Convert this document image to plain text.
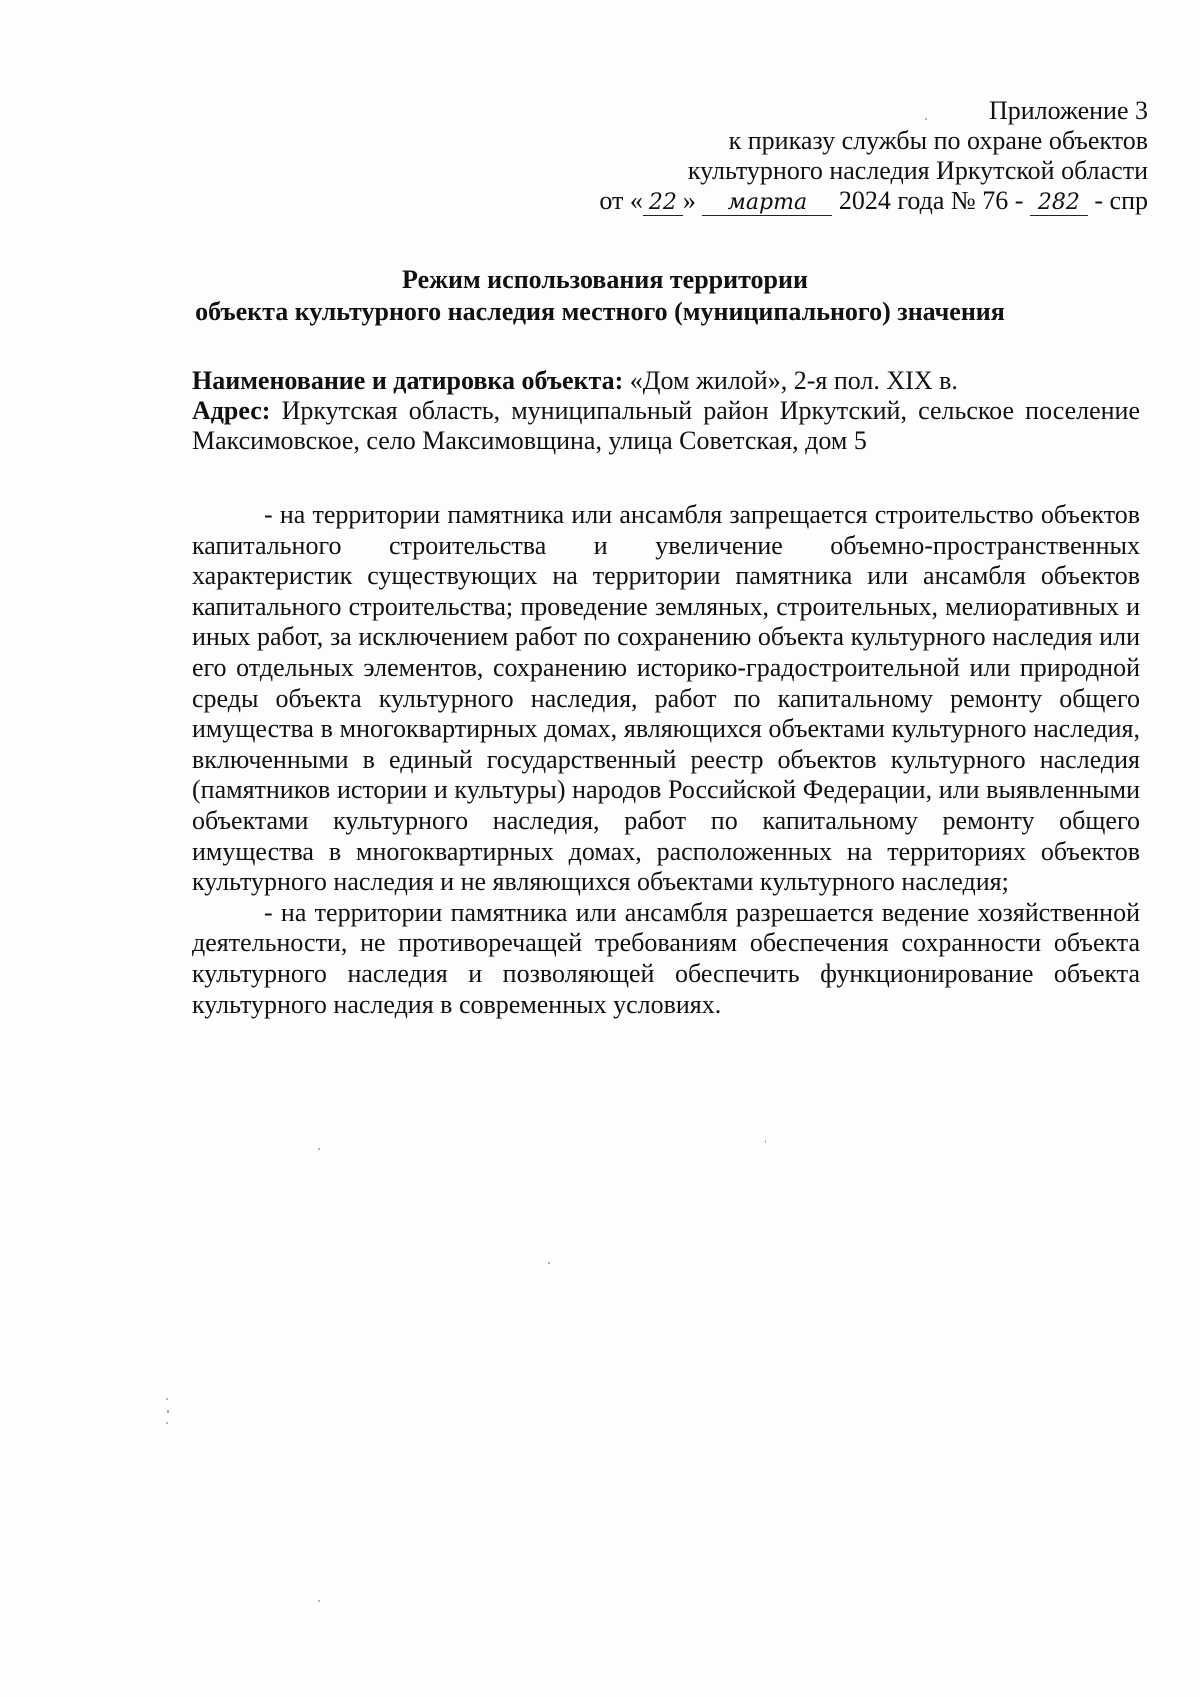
Приложение 3
к приказу службы по охране объектов
культурного наследия Иркутской области
от « 22 » марта 2024 года № 76 - 282 - спр
Режим использования территории
объекта культурного наследия местного (муниципального) значения
Наименование и датировка объекта: «Дом жилой», 2-я пол. XIX в.
Адрес: Иркутская область, муниципальный район Иркутский, сельское поселение Максимовское, село Максимовщина, улица Советская, дом 5

- на территории памятника или ансамбля запрещается строительство объектов капитального строительства и увеличение объемно-пространственных характеристик существующих на территории памятника или ансамбля объектов капитального строительства; проведение земляных, строительных, мелиоративных и иных работ, за исключением работ по сохранению объекта культурного наследия или его отдельных элементов, сохранению историко-градостроительной или природной среды объекта культурного наследия, работ по капитальному ремонту общего имущества в многоквартирных домах, являющихся объектами культурного наследия, включенными в единый государственный реестр объектов культурного наследия (памятников истории и культуры) народов Российской Федерации, или выявленными объектами культурного наследия, работ по капитальному ремонту общего имущества в многоквартирных домах, расположенных на территориях объектов культурного наследия и не являющихся объектами культурного наследия;

- на территории памятника или ансамбля разрешается ведение хозяйственной деятельности, не противоречащей требованиям обеспечения сохранности объекта культурного наследия и позволяющей обеспечить функционирование объекта культурного наследия в современных условиях.
